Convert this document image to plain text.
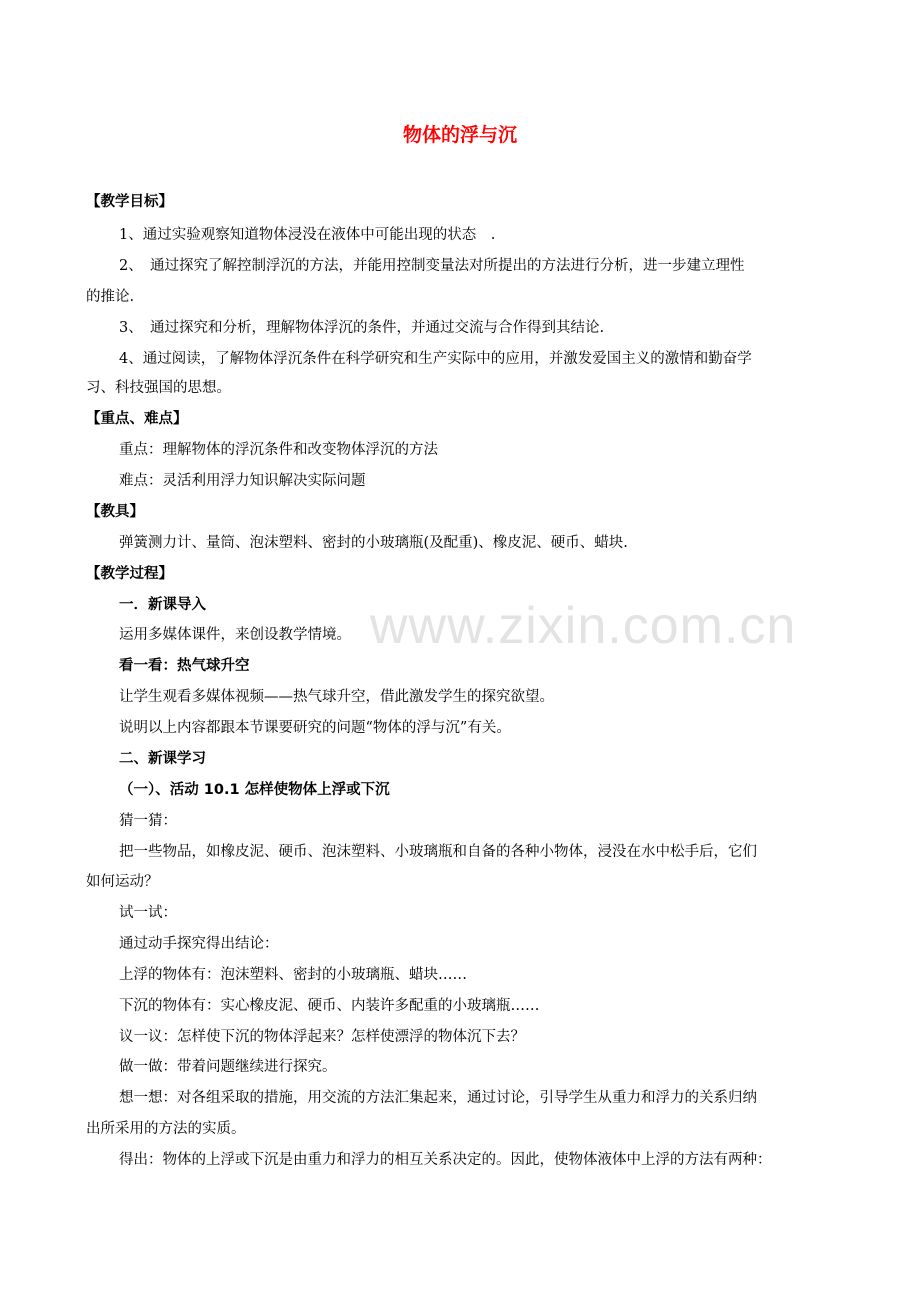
www.zixin.com.cn
物体的浮与沉
【教学目标】
1、通过实验观察知道物体浸没在液体中可能出现的状态　.
2、　通过探究了解控制浮沉的方法，并能用控制变量法对所提出的方法进行分析，进一步建立理性
的推论.
3、　通过探究和分析，理解物体浮沉的条件，并通过交流与合作得到其结论.
4、通过阅读，了解物体浮沉条件在科学研究和生产实际中的应用，并激发爱国主义的激情和勤奋学
习、科技强国的思想。
【重点、难点】
重点：理解物体的浮沉条件和改变物体浮沉的方法
难点：灵活利用浮力知识解决实际问题
【教具】
弹簧测力计、量筒、泡沫塑料、密封的小玻璃瓶(及配重)、橡皮泥、硬币、蜡块.
【教学过程】
一．新课导入
运用多媒体课件，来创设教学情境。
看一看：热气球升空
让学生观看多媒体视频——热气球升空，借此激发学生的探究欲望。
说明以上内容都跟本节课要研究的问题“物体的浮与沉”有关。
二、新课学习
（一）、活动 10.1 怎样使物体上浮或下沉
猜一猜：
把一些物品，如橡皮泥、硬币、泡沫塑料、小玻璃瓶和自备的各种小物体，浸没在水中松手后，它们
如何运动？
试一试：
通过动手探究得出结论：
上浮的物体有：泡沫塑料、密封的小玻璃瓶、蜡块……
下沉的物体有：实心橡皮泥、硬币、内装许多配重的小玻璃瓶……
议一议：怎样使下沉的物体浮起来？怎样使漂浮的物体沉下去？
做一做：带着问题继续进行探究。
想一想：对各组采取的措施，用交流的方法汇集起来，通过讨论，引导学生从重力和浮力的关系归纳
出所采用的方法的实质。
得出：物体的上浮或下沉是由重力和浮力的相互关系决定的。因此，使物体液体中上浮的方法有两种：
